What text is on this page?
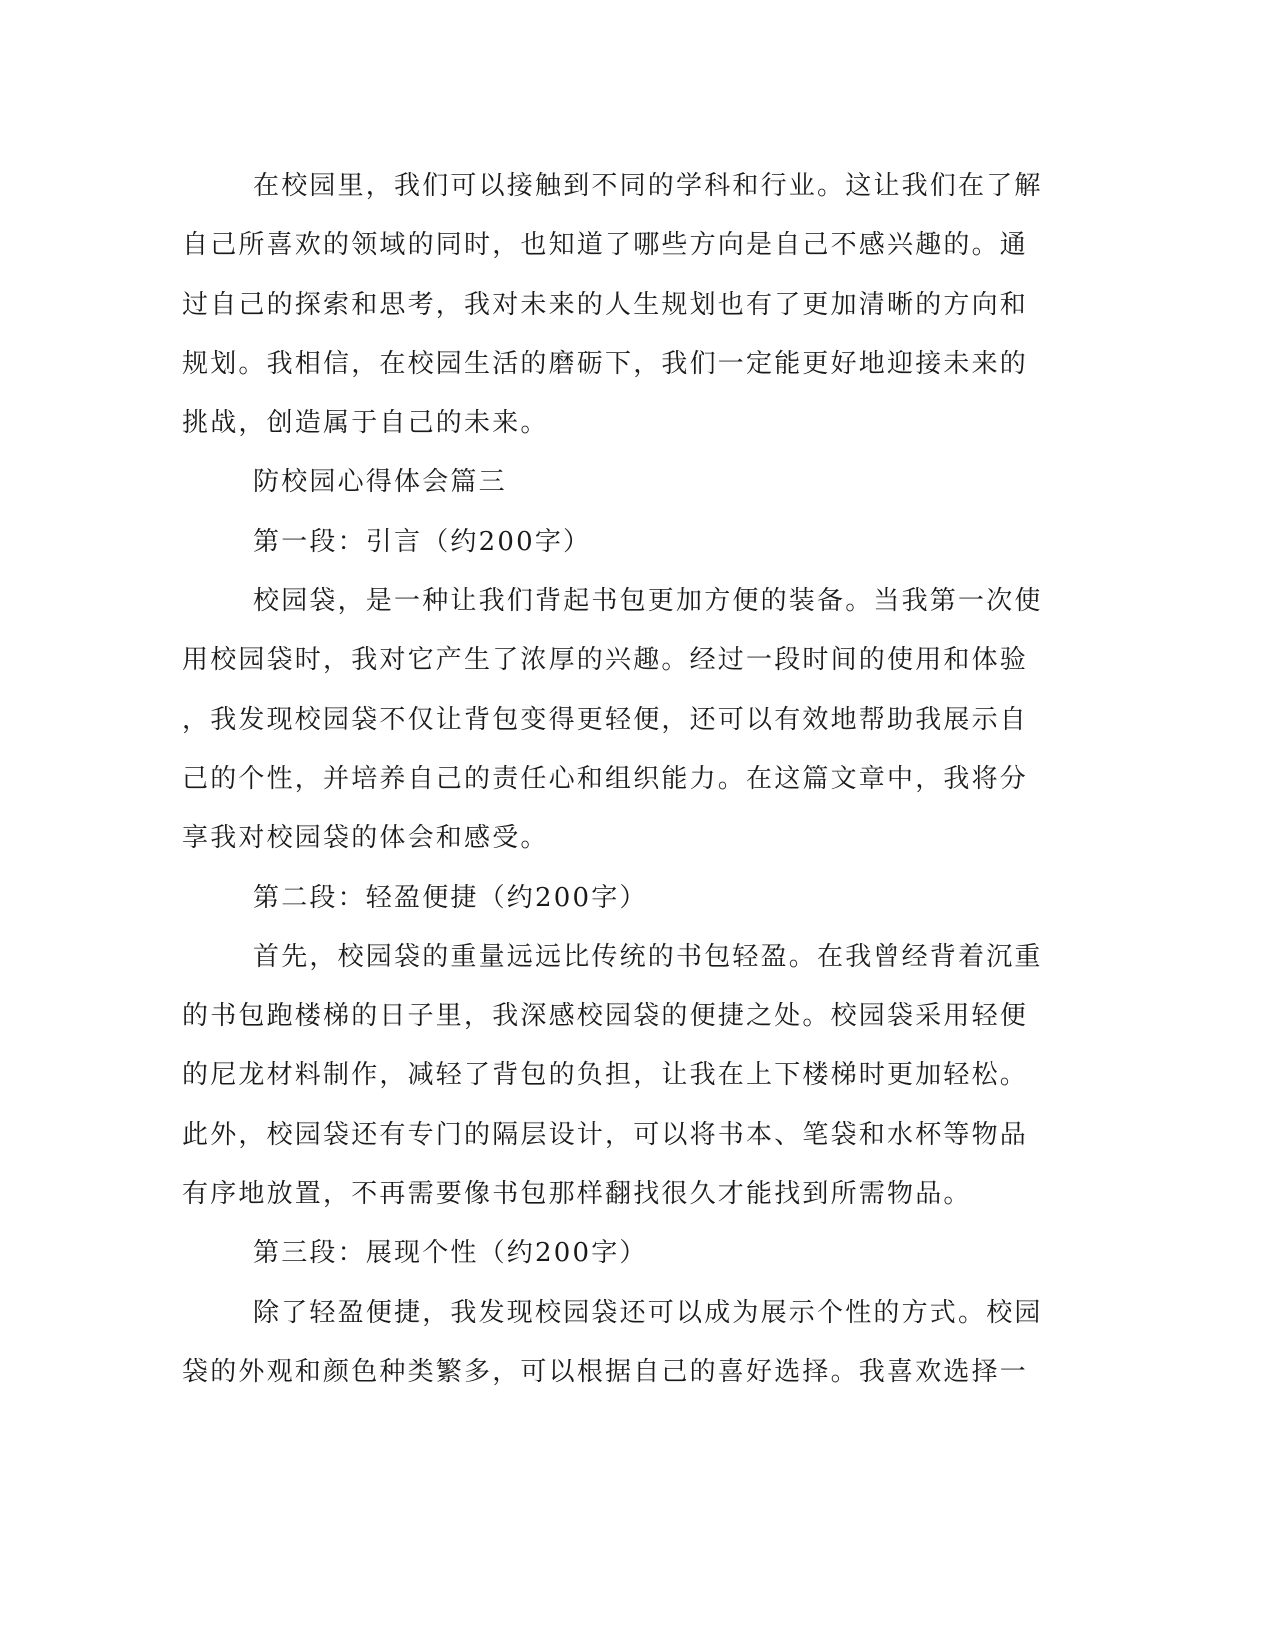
在校园里，我们可以接触到不同的学科和行业。这让我们在了解
自己所喜欢的领域的同时，也知道了哪些方向是自己不感兴趣的。通
过自己的探索和思考，我对未来的人生规划也有了更加清晰的方向和
规划。我相信，在校园生活的磨砺下，我们一定能更好地迎接未来的
挑战，创造属于自己的未来。
防校园心得体会篇三
第一段：引言（约200字）
校园袋，是一种让我们背起书包更加方便的装备。当我第一次使
用校园袋时，我对它产生了浓厚的兴趣。经过一段时间的使用和体验
，我发现校园袋不仅让背包变得更轻便，还可以有效地帮助我展示自
己的个性，并培养自己的责任心和组织能力。在这篇文章中，我将分
享我对校园袋的体会和感受。
第二段：轻盈便捷（约200字）
首先，校园袋的重量远远比传统的书包轻盈。在我曾经背着沉重
的书包跑楼梯的日子里，我深感校园袋的便捷之处。校园袋采用轻便
的尼龙材料制作，减轻了背包的负担，让我在上下楼梯时更加轻松。
此外，校园袋还有专门的隔层设计，可以将书本、笔袋和水杯等物品
有序地放置，不再需要像书包那样翻找很久才能找到所需物品。
第三段：展现个性（约200字）
除了轻盈便捷，我发现校园袋还可以成为展示个性的方式。校园
袋的外观和颜色种类繁多，可以根据自己的喜好选择。我喜欢选择一
